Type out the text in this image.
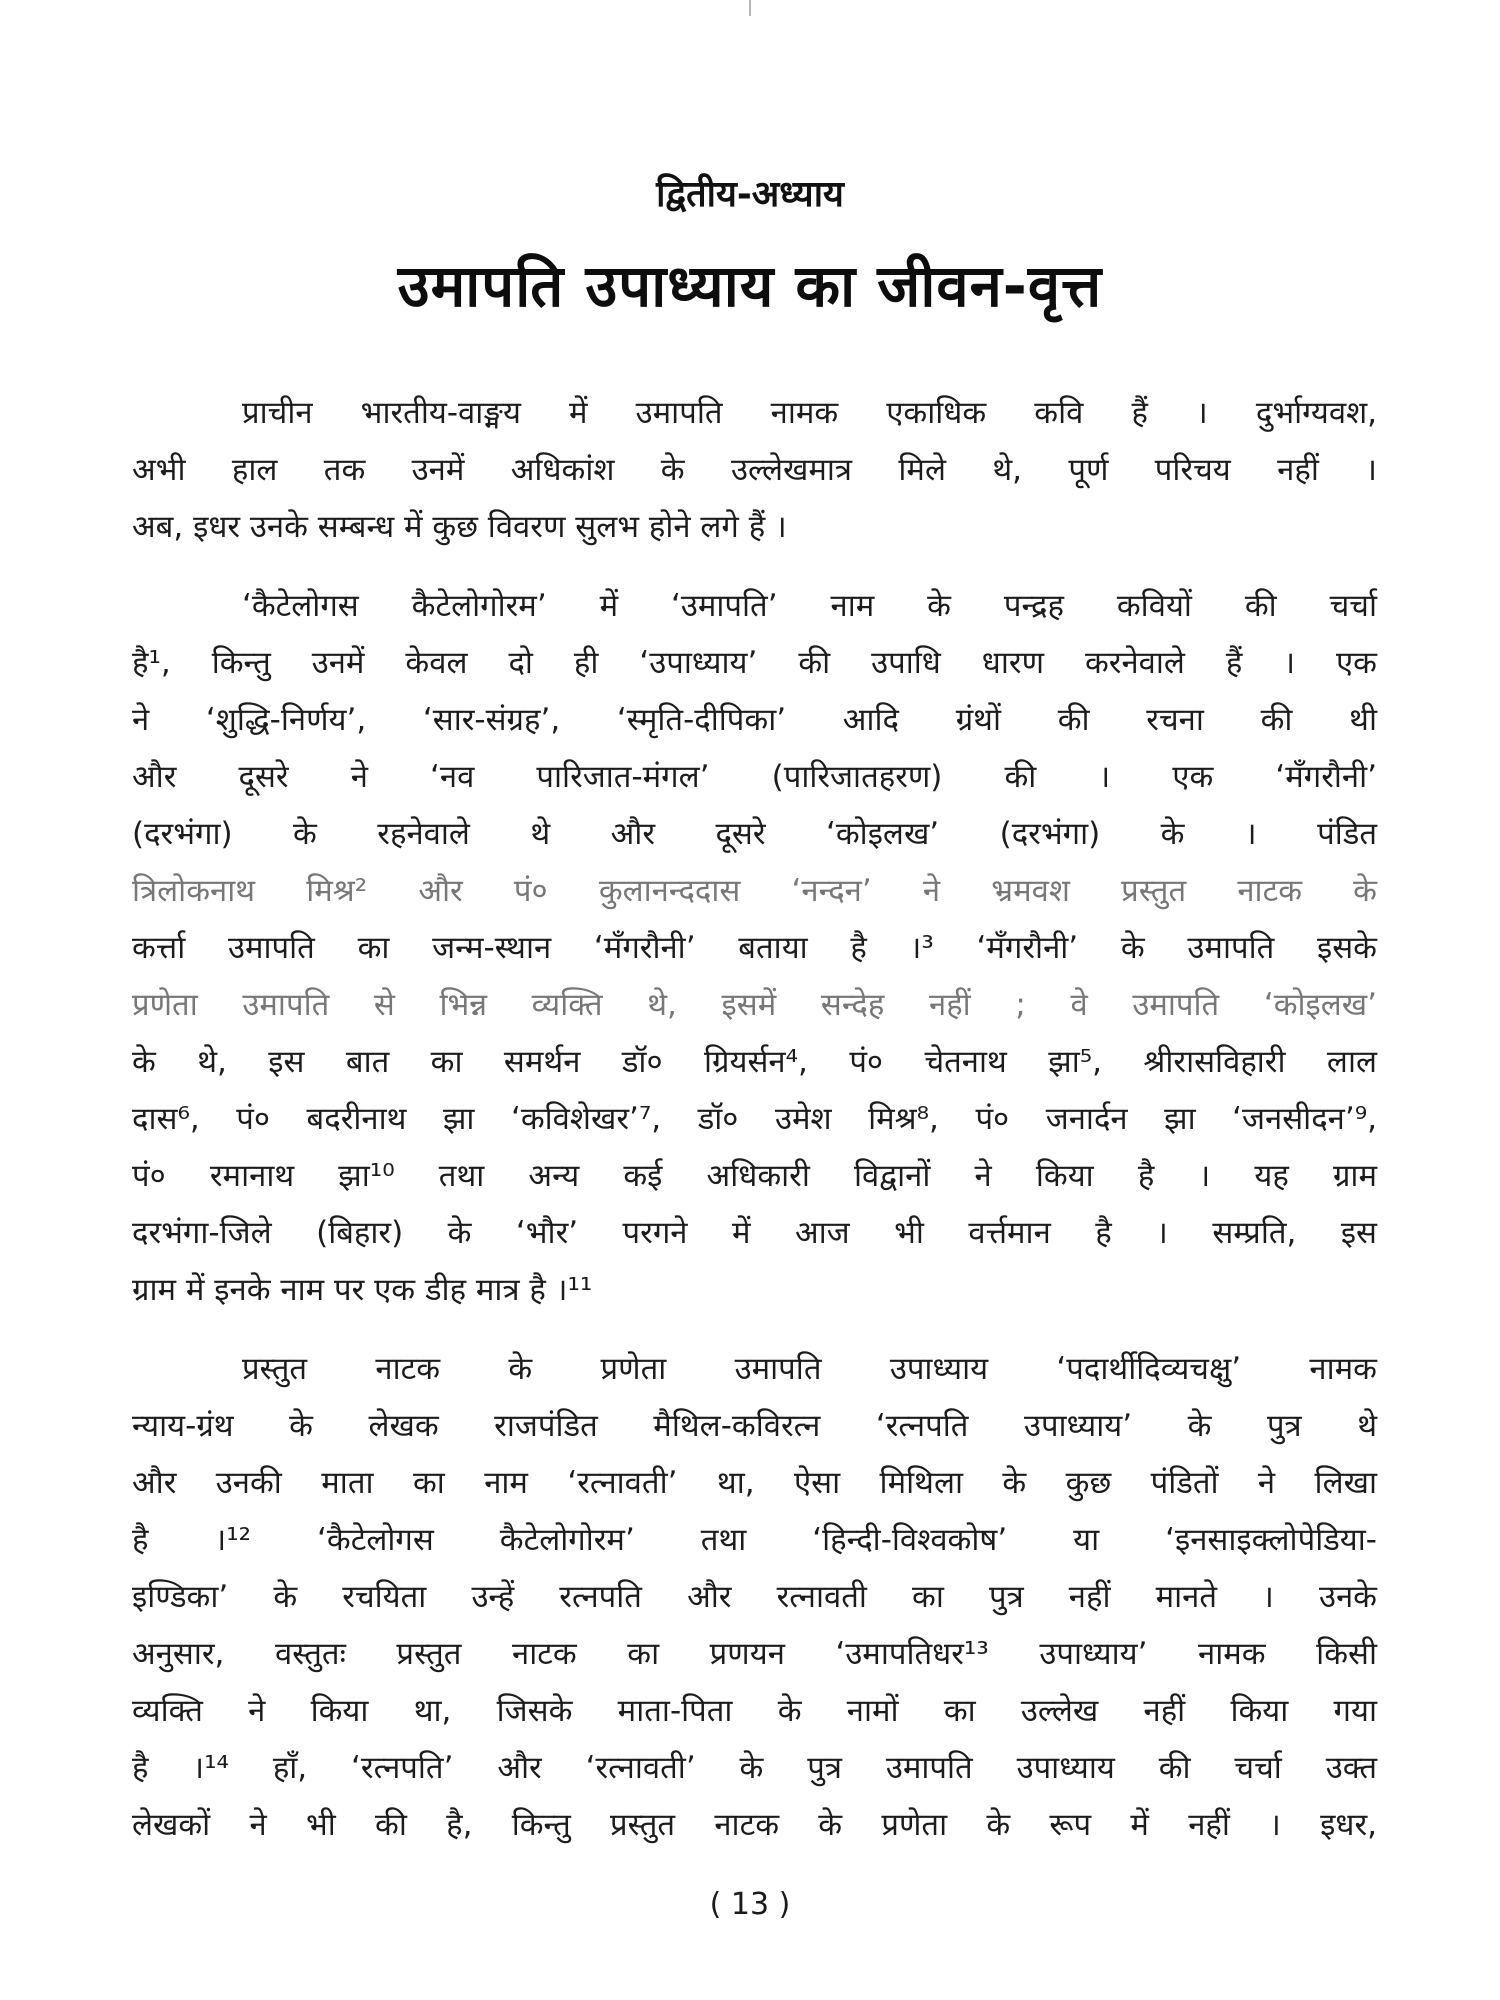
द्वितीय-अध्याय
उमापति उपाध्याय का जीवन-वृत्त
प्राचीन भारतीय-वाङ्मय में उमापति नामक एकाधिक कवि हैं । दुर्भाग्यवश,
अभी हाल तक उनमें अधिकांश के उल्लेखमात्र मिले थे, पूर्ण परिचय नहीं ।
अब, इधर उनके सम्बन्ध में कुछ विवरण सुलभ होने लगे हैं ।
‘कैटेलोगस कैटेलोगोरम’ में ‘उमापति’ नाम के पन्द्रह कवियों की चर्चा
है¹, किन्तु उनमें केवल दो ही ‘उपाध्याय’ की उपाधि धारण करनेवाले हैं । एक
ने ‘शुद्धि-निर्णय’, ‘सार-संग्रह’, ‘स्मृति-दीपिका’ आदि ग्रंथों की रचना की थी
और दूसरे ने ‘नव पारिजात-मंगल’ (पारिजातहरण) की । एक ‘मँगरौनी’
(दरभंगा) के रहनेवाले थे और दूसरे ‘कोइलख’ (दरभंगा) के । पंडित
त्रिलोकनाथ मिश्र² और पं० कुलानन्ददास ‘नन्दन’ ने भ्रमवश प्रस्तुत नाटक के
कर्त्ता उमापति का जन्म-स्थान ‘मँगरौनी’ बताया है ।³ ‘मँगरौनी’ के उमापति इसके
प्रणेता उमापति से भिन्न व्यक्ति थे, इसमें सन्देह नहीं ; वे उमापति ‘कोइलख’
के थे, इस बात का समर्थन डॉ० ग्रियर्सन⁴, पं० चेतनाथ झा⁵, श्रीरासविहारी लाल
दास⁶, पं० बदरीनाथ झा ‘कविशेखर’⁷, डॉ० उमेश मिश्र⁸, पं० जनार्दन झा ‘जनसीदन’⁹,
पं० रमानाथ झा¹⁰ तथा अन्य कई अधिकारी विद्वानों ने किया है । यह ग्राम
दरभंगा-जिले (बिहार) के ‘भौर’ परगने में आज भी वर्त्तमान है । सम्प्रति, इस
ग्राम में इनके नाम पर एक डीह मात्र है ।¹¹
प्रस्तुत नाटक के प्रणेता उमापति उपाध्याय ‘पदार्थीदिव्यचक्षु’ नामक
न्याय-ग्रंथ के लेखक राजपंडित मैथिल-कविरत्न ‘रत्नपति उपाध्याय’ के पुत्र थे
और उनकी माता का नाम ‘रत्नावती’ था, ऐसा मिथिला के कुछ पंडितों ने लिखा
है ।¹² ‘कैटेलोगस कैटेलोगोरम’ तथा ‘हिन्दी-विश्वकोष’ या ‘इनसाइक्लोपेडिया-
इण्डिका’ के रचयिता उन्हें रत्नपति और रत्नावती का पुत्र नहीं मानते । उनके
अनुसार, वस्तुतः प्रस्तुत नाटक का प्रणयन ‘उमापतिधर¹³ उपाध्याय’ नामक किसी
व्यक्ति ने किया था, जिसके माता-पिता के नामों का उल्लेख नहीं किया गया
है ।¹⁴ हाँ, ‘रत्नपति’ और ‘रत्नावती’ के पुत्र उमापति उपाध्याय की चर्चा उक्त
लेखकों ने भी की है, किन्तु प्रस्तुत नाटक के प्रणेता के रूप में नहीं । इधर,
( 13 )
